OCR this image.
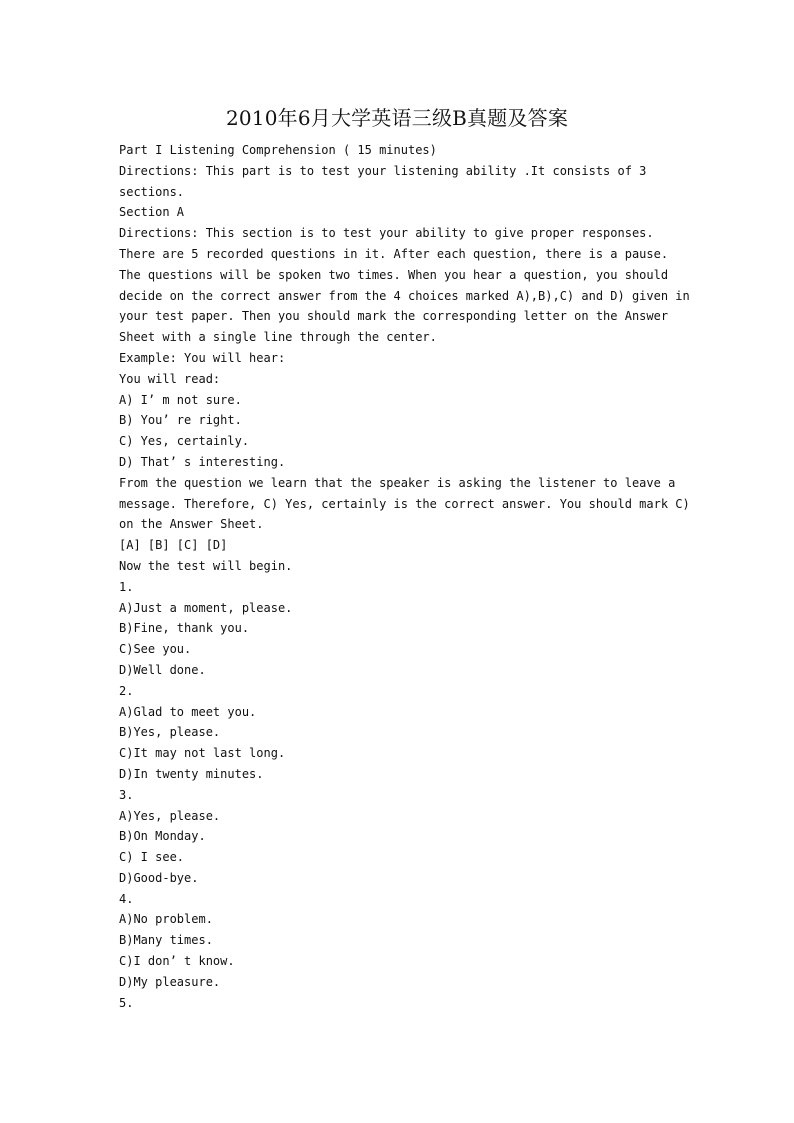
2010年6月大学英语三级B真题及答案
Part I Listening Comprehension ( 15 minutes)
Directions: This part is to test your listening ability .It consists of 3
sections.
Section A
Directions: This section is to test your ability to give proper responses.
There are 5 recorded questions in it. After each question, there is a pause.
The questions will be spoken two times. When you hear a question, you should
decide on the correct answer from the 4 choices marked A),B),C) and D) given in
your test paper. Then you should mark the corresponding letter on the Answer
Sheet with a single line through the center.
Example: You will hear:
You will read:
A) I’ m not sure.
B) You’ re right.
C) Yes, certainly.
D) That’ s interesting.
From the question we learn that the speaker is asking the listener to leave a
message. Therefore, C) Yes, certainly is the correct answer. You should mark C)
on the Answer Sheet.
[A] [B] [C] [D]
Now the test will begin.
1.
A)Just a moment, please.
B)Fine, thank you.
C)See you.
D)Well done.
2.
A)Glad to meet you.
B)Yes, please.
C)It may not last long.
D)In twenty minutes.
3.
A)Yes, please.
B)On Monday.
C) I see.
D)Good-bye.
4.
A)No problem.
B)Many times.
C)I don’ t know.
D)My pleasure.
5.
